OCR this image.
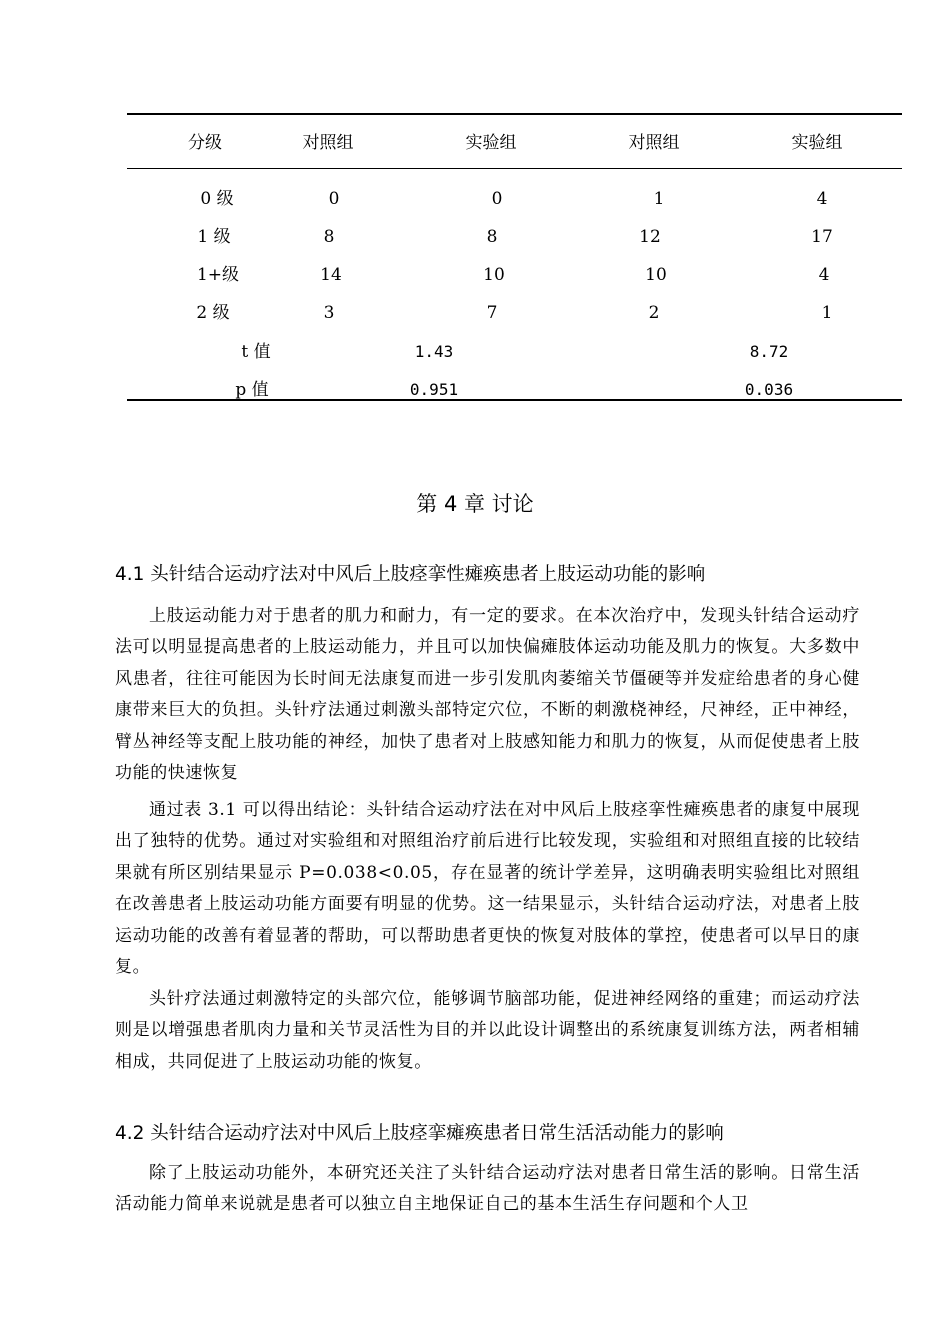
分级	对照组	实验组	对照组	实验组
0 级	0	0	1	4
1 级	8	8	12	17
1+级	14	10	10	4
2 级	3	7	2	1
t 值	1.43	8.72
p 值	0.951	0.036
第 4 章 讨论
4.1 头针结合运动疗法对中风后上肢痉挛性瘫痪患者上肢运动功能的影响

上肢运动能力对于患者的肌力和耐力，有一定的要求。在本次治疗中，发现头针结合运动疗法可以明显提高患者的上肢运动能力，并且可以加快偏瘫肢体运动功能及肌力的恢复。大多数中风患者，往往可能因为长时间无法康复而进一步引发肌肉萎缩关节僵硬等并发症给患者的身心健康带来巨大的负担。头针疗法通过刺激头部特定穴位，不断的刺激桡神经，尺神经，正中神经，臂丛神经等支配上肢功能的神经，加快了患者对上肢感知能力和肌力的恢复，从而促使患者上肢功能的快速恢复

通过表 3.1 可以得出结论：头针结合运动疗法在对中风后上肢痉挛性瘫痪患者的康复中展现出了独特的优势。通过对实验组和对照组治疗前后进行比较发现，实验组和对照组直接的比较结果就有所区别结果显示 P=0.038<0.05，存在显著的统计学差异，这明确表明实验组比对照组在改善患者上肢运动功能方面要有明显的优势。这一结果显示，头针结合运动疗法，对患者上肢运动功能的改善有着显著的帮助，可以帮助患者更快的恢复对肢体的掌控，使患者可以早日的康复。

头针疗法通过刺激特定的头部穴位，能够调节脑部功能，促进神经网络的重建；而运动疗法则是以增强患者肌肉力量和关节灵活性为目的并以此设计调整出的系统康复训练方法，两者相辅相成，共同促进了上肢运动功能的恢复。

4.2 头针结合运动疗法对中风后上肢痉挛瘫痪患者日常生活活动能力的影响

除了上肢运动功能外，本研究还关注了头针结合运动疗法对患者日常生活的影响。日常生活活动能力简单来说就是患者可以独立自主地保证自己的基本生活生存问题和个人卫
